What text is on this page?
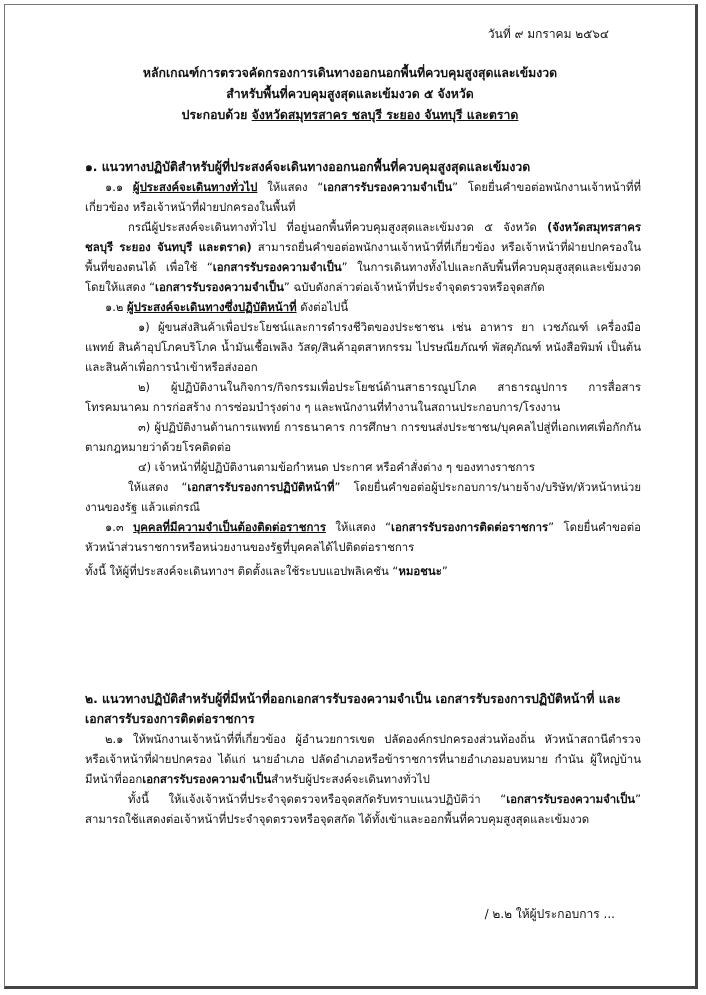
วันที่ ๙ มกราคม ๒๕๖๔
หลักเกณฑ์การตรวจคัดกรองการเดินทางออกนอกพื้นที่ควบคุมสูงสุดและเข้มงวด
สำหรับพื้นที่ควบคุมสูงสุดและเข้มงวด ๕ จังหวัด
ประกอบด้วย จังหวัดสมุทรสาคร ชลบุรี ระยอง จันทบุรี และตราด

๑. แนวทางปฏิบัติสำหรับผู้ที่ประสงค์จะเดินทางออกนอกพื้นที่ควบคุมสูงสุดและเข้มงวด

๑.๑ ผู้ประสงค์จะเดินทางทั่วไป ให้แสดง “เอกสารรับรองความจำเป็น” โดยยื่นคำขอต่อพนักงานเจ้าหน้าที่ที่เกี่ยวข้อง หรือเจ้าหน้าที่ฝ่ายปกครองในพื้นที่

กรณีผู้ประสงค์จะเดินทางทั่วไป ที่อยู่นอกพื้นที่ควบคุมสูงสุดและเข้มงวด ๕ จังหวัด (จังหวัดสมุทรสาคร ชลบุรี ระยอง จันทบุรี และตราด) สามารถยื่นคำขอต่อพนักงานเจ้าหน้าที่ที่เกี่ยวข้อง หรือเจ้าหน้าที่ฝ่ายปกครองในพื้นที่ของตนได้ เพื่อใช้ “เอกสารรับรองความจำเป็น” ในการเดินทางทั้งไปและกลับพื้นที่ควบคุมสูงสุดและเข้มงวด โดยให้แสดง “เอกสารรับรองความจำเป็น” ฉบับดังกล่าวต่อเจ้าหน้าที่ประจำจุดตรวจหรือจุดสกัด

๑.๒ ผู้ประสงค์จะเดินทางซึ่งปฏิบัติหน้าที่ ดังต่อไปนี้

๑) ผู้ขนส่งสินค้าเพื่อประโยชน์และการดำรงชีวิตของประชาชน เช่น อาหาร ยา เวชภัณฑ์ เครื่องมือแพทย์ สินค้าอุปโภคบริโภค น้ำมันเชื้อเพลิง วัสดุ/สินค้าอุตสาหกรรม ไปรษณียภัณฑ์ พัสดุภัณฑ์ หนังสือพิมพ์ เป็นต้น และสินค้าเพื่อการนำเข้าหรือส่งออก

๒) ผู้ปฏิบัติงานในกิจการ/กิจกรรมเพื่อประโยชน์ด้านสาธารณูปโภค สาธารณูปการ การสื่อสารโทรคมนาคม การก่อสร้าง การซ่อมบำรุงต่าง ๆ และพนักงานที่ทำงานในสถานประกอบการ/โรงงาน

๓) ผู้ปฏิบัติงานด้านการแพทย์ การธนาคาร การศึกษา การขนส่งประชาชน/บุคคลไปสู่ที่เอกเทศเพื่อกักกันตามกฎหมายว่าด้วยโรคติดต่อ

๔) เจ้าหน้าที่ผู้ปฏิบัติงานตามข้อกำหนด ประกาศ หรือคำสั่งต่าง ๆ ของทางราชการ

ให้แสดง “เอกสารรับรองการปฏิบัติหน้าที่” โดยยื่นคำขอต่อผู้ประกอบการ/นายจ้าง/บริษัท/หัวหน้าหน่วยงานของรัฐ แล้วแต่กรณี

๑.๓ บุคคลที่มีความจำเป็นต้องติดต่อราชการ ให้แสดง “เอกสารรับรองการติดต่อราชการ” โดยยื่นคำขอต่อหัวหน้าส่วนราชการหรือหน่วยงานของรัฐที่บุคคลได้ไปติดต่อราชการ

ทั้งนี้ ให้ผู้ที่ประสงค์จะเดินทางฯ ติดตั้งและใช้ระบบแอปพลิเคชัน “หมอชนะ”

๒. แนวทางปฏิบัติสำหรับผู้ที่มีหน้าที่ออกเอกสารรับรองความจำเป็น เอกสารรับรองการปฏิบัติหน้าที่ และเอกสารรับรองการติดต่อราชการ

๒.๑ ให้พนักงานเจ้าหน้าที่ที่เกี่ยวข้อง ผู้อำนวยการเขต ปลัดองค์กรปกครองส่วนท้องถิ่น หัวหน้าสถานีตำรวจ หรือเจ้าหน้าที่ฝ่ายปกครอง ได้แก่ นายอำเภอ ปลัดอำเภอหรือข้าราชการที่นายอำเภอมอบหมาย กำนัน ผู้ใหญ่บ้าน มีหน้าที่ออกเอกสารรับรองความจำเป็นสำหรับผู้ประสงค์จะเดินทางทั่วไป

ทั้งนี้ ให้แจ้งเจ้าหน้าที่ประจำจุดตรวจหรือจุดสกัดรับทราบแนวปฏิบัติว่า “เอกสารรับรองความจำเป็น” สามารถใช้แสดงต่อเจ้าหน้าที่ประจำจุดตรวจหรือจุดสกัด ได้ทั้งเข้าและออกพื้นที่ควบคุมสูงสุดและเข้มงวด

/ ๒.๒ ให้ผู้ประกอบการ ...
